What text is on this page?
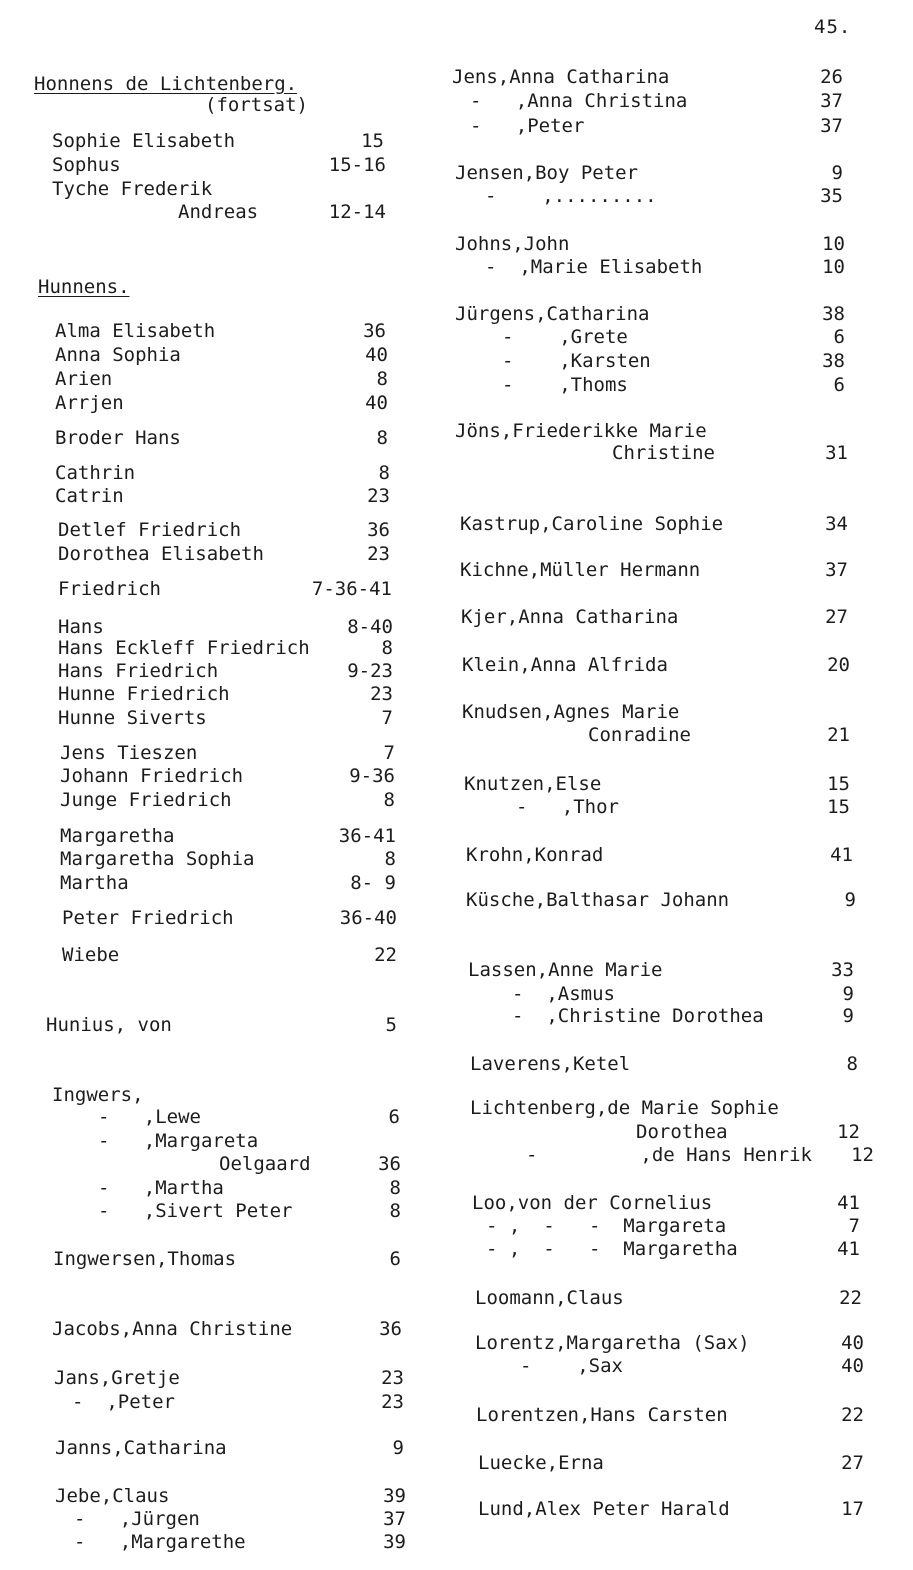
45.
Honnens de Lichtenberg.
(fortsat)
Sophie Elisabeth	15
Sophus	15-16
Tyche Frederik
Andreas	12-14
Hunnens.
Alma Elisabeth	36
Anna Sophia	40
Arien	8
Arrjen	40
Broder Hans	8
Cathrin	8
Catrin	23
Detlef Friedrich	36
Dorothea Elisabeth	23
Friedrich	7-36-41
Hans	8-40
Hans Eckleff Friedrich	8
Hans Friedrich	9-23
Hunne Friedrich	23
Hunne Siverts	7
Jens Tieszen	7
Johann Friedrich	9-36
Junge Friedrich	8
Margaretha	36-41
Margaretha Sophia	8
Martha	8- 9
Peter Friedrich	36-40
Wiebe	22
Hunius, von	5
Ingwers,
-   ,Lewe	6
-   ,Margareta
Oelgaard	36
-   ,Martha	8
-   ,Sivert Peter	8
Ingwersen,Thomas	6
Jacobs,Anna Christine	36
Jans,Gretje	23
-  ,Peter	23
Janns,Catharina	9
Jebe,Claus	39
-   ,Jürgen	37
-   ,Margarethe	39
Jens,Anna Catharina	26
-   ,Anna Christina	37
-   ,Peter	37
Jensen,Boy Peter	9
-    ,.........	35
Johns,John	10
-  ,Marie Elisabeth	10
Jürgens,Catharina	38
-    ,Grete	6
-    ,Karsten	38
-    ,Thoms	6
Jöns,Friederikke Marie
Christine	31
Kastrup,Caroline Sophie	34
Kichne,Müller Hermann	37
Kjer,Anna Catharina	27
Klein,Anna Alfrida	20
Knudsen,Agnes Marie
Conradine	21
Knutzen,Else	15
-   ,Thor	15
Krohn,Konrad	41
Küsche,Balthasar Johann	9
Lassen,Anne Marie	33
-  ,Asmus	9
-  ,Christine Dorothea	9
Laverens,Ketel	8
Lichtenberg,de Marie Sophie
Dorothea	12
-         ,de Hans Henrik 12
Loo,von der Cornelius	41
- ,  -   -  Margareta	7
- ,  -   -  Margaretha	41
Loomann,Claus	22
Lorentz,Margaretha (Sax)	40
-    ,Sax	40
Lorentzen,Hans Carsten	22
Luecke,Erna	27
Lund,Alex Peter Harald	17
